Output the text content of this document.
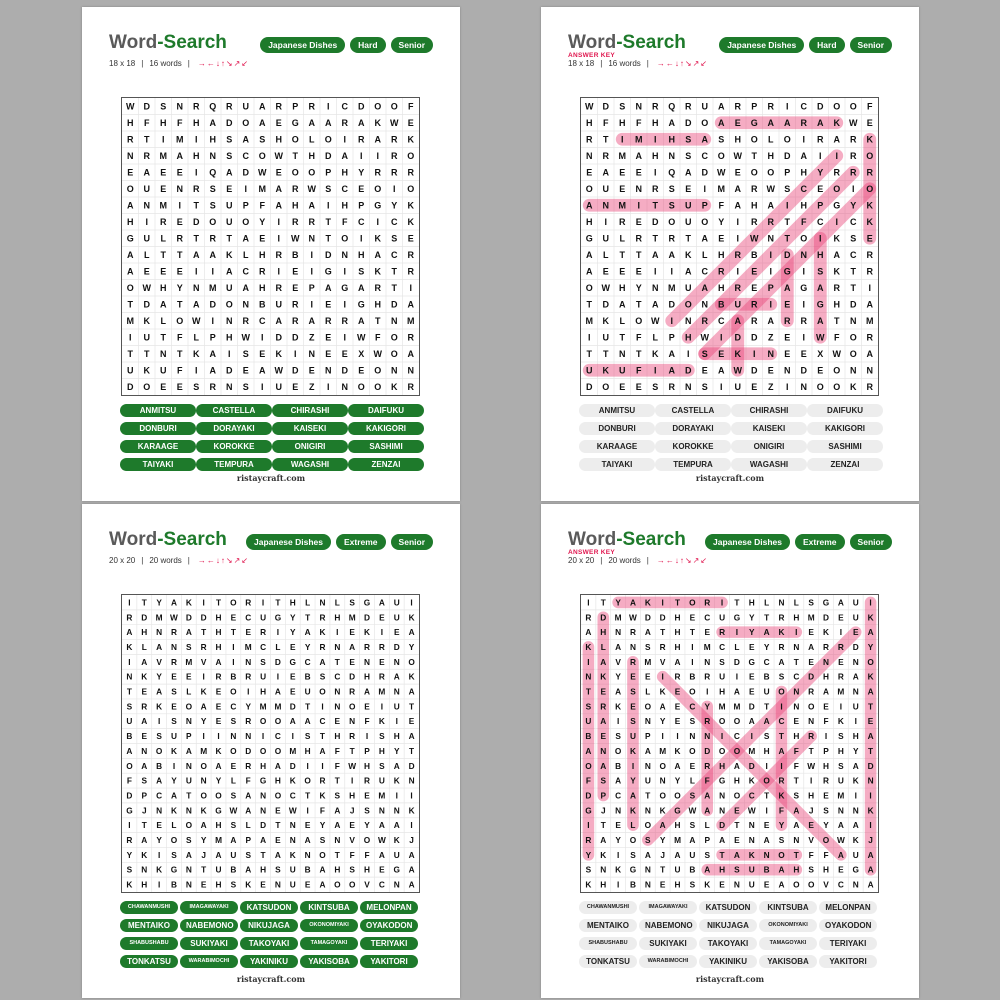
Word-Search	Japanese Dishes	Hard	Senior
18 x 18 | 16 words | →←↓↑↘↗↙
W D S N R Q R U A R P R I C D O O F
H F H F H A D O A E G A A R A K W E
R T I M I H S A S H O L O I R A R K
N R M A H N S C O W T H D A I I R O
E A E E I Q A D W E O O P H Y R R R
O U E N R S E I M A R W S C E O I O
A N M I T S U P F A H A I H P G Y K
H I R E D O U O Y I R R T F C I C K
G U L R T R T A E I W N T O I K S E
A L T T A A K L H R B I D N H A C R
A E E E I I A C R I E I G I S K T R
O W H Y N M U A H R E P A G A R T I
T D A T A D O N B U R I E I G H D A
M K L O W I N R C A R A R R A T N M
I U T F L P H W I D D Z E I W F O R
T T N T K A I S E K I N E E X W O A
U K U F I A D E A W D E N D E O N N
D O E E S R N S I U E Z I N O O K R
ANMITSU	CASTELLA	CHIRASHI	DAIFUKU
DONBURI	DORAYAKI	KAISEKI	KAKIGORI
KARAAGE	KOROKKE	ONIGIRI	SASHIMI
TAIYAKI	TEMPURA	WAGASHI	ZENZAI
ristaycraft.com
Word-Search
ANSWER KEY
Japanese Dishes	Hard	Senior
18 x 18 | 16 words | →←↓↑↘↗↙
W D S N R Q R U A R P R I C D O O F
H F H F H A D O A E G A A R A K W E
R T I M I H S A S H O L O I R A R K
N R M A H N S C O W T H D A I I R O
E A E E I Q A D W E O O P H Y R R R
O U E N R S E I M A R W S C E O I O
A N M I T S U P F A H A I H P G Y K
H I R E D O U O Y I R R T F C I C K
G U L R T R T A E I W N T O I K S E
A L T T A A K L H R B I D N H A C R
A E E E I I A C R I E I G I S K T R
O W H Y N M U A H R E P A G A R T I
T D A T A D O N B U R I E I G H D A
M K L O W I N R C A R A R R A T N M
I U T F L P H W I D D Z E I W F O R
T T N T K A I S E K I N E E X W O A
U K U F I A D E A W D E N D E O N N
D O E E S R N S I U E Z I N O O K R
ANMITSU	CASTELLA	CHIRASHI	DAIFUKU
DONBURI	DORAYAKI	KAISEKI	KAKIGORI
KARAAGE	KOROKKE	ONIGIRI	SASHIMI
TAIYAKI	TEMPURA	WAGASHI	ZENZAI
ristaycraft.com
Word-Search	Japanese Dishes	Extreme	Senior
20 x 20 | 20 words | →←↓↑↘↗↙
I T Y A K I T O R I T H L N L S G A U I
R D M W D D H E C U G Y T R H M D E U K
A H N R A T H T E R I Y A K I E K I E A
K L A N S R H I M C L E Y R N A R R D Y
I A V R M V A I N S D G C A T E N E N O
N K Y E E I R B R U I E B S C D H R A K
T E A S L K E O I H A E U O N R A M N A
S R K E O A E C Y M M D T I N O E I U T
U A I S N Y E S R O O A A C E N F K I E
B E S U P I I N N I C I S T H R I S H A
A N O K A M K O D O O M H A F T P H Y T
O A B I N O A E R H A D I I F W H S A D
F S A Y U N Y L F G H K O R T I R U K N
D P C A T O O S A N O C T K S H E M I I
G J N K N K G W A N E W I F A J S N N K
I T E L O A H S L D T N E Y A E Y A A I
R A Y O S Y M A P A E N A S N V O W K J
Y K I S A J A U S T A K N O T F F A U A
S N K G N T U B A H S U B A H S H E G A
K H I B N E H S K E N U E A O O V C N A
CHAWANMUSHI	IMAGAWAYAKI	KATSUDON	KINTSUBA	MELONPAN
MENTAIKO	NABEMONO	NIKUJAGA	OKONOMIYAKI	OYAKODON
SHABUSHABU	SUKIYAKI	TAKOYAKI	TAMAGOYAKI	TERIYAKI
TONKATSU	WARABIMOCHI	YAKINIKU	YAKISOBA	YAKITORI
ristaycraft.com
Word-Search
ANSWER KEY
Japanese Dishes	Extreme	Senior
20 x 20 | 20 words | →←↓↑↘↗↙
I T Y A K I T O R I T H L N L S G A U I
R D M W D D H E C U G Y T R H M D E U K
A H N R A T H T E R I Y A K I E K I E A
K L A N S R H I M C L E Y R N A R R D Y
I A V R M V A I N S D G C A T E N E N O
N K Y E E I R B R U I E B S C D H R A K
T E A S L K E O I H A E U O N R A M N A
S R K E O A E C Y M M D T I N O E I U T
U A I S N Y E S R O O A A C E N F K I E
B E S U P I I N N I C I S T H R I S H A
A N O K A M K O D O O M H A F T P H Y T
O A B I N O A E R H A D I I F W H S A D
F S A Y U N Y L F G H K O R T I R U K N
D P C A T O O S A N O C T K S H E M I I
G J N K N K G W A N E W I F A J S N N K
I T E L O A H S L D T N E Y A E Y A A I
R A Y O S Y M A P A E N A S N V O W K J
Y K I S A J A U S T A K N O T F F A U A
S N K G N T U B A H S U B A H S H E G A
K H I B N E H S K E N U E A O O V C N A
CHAWANMUSHI	IMAGAWAYAKI	KATSUDON	KINTSUBA	MELONPAN
MENTAIKO	NABEMONO	NIKUJAGA	OKONOMIYAKI	OYAKODON
SHABUSHABU	SUKIYAKI	TAKOYAKI	TAMAGOYAKI	TERIYAKI
TONKATSU	WARABIMOCHI	YAKINIKU	YAKISOBA	YAKITORI
ristaycraft.com
